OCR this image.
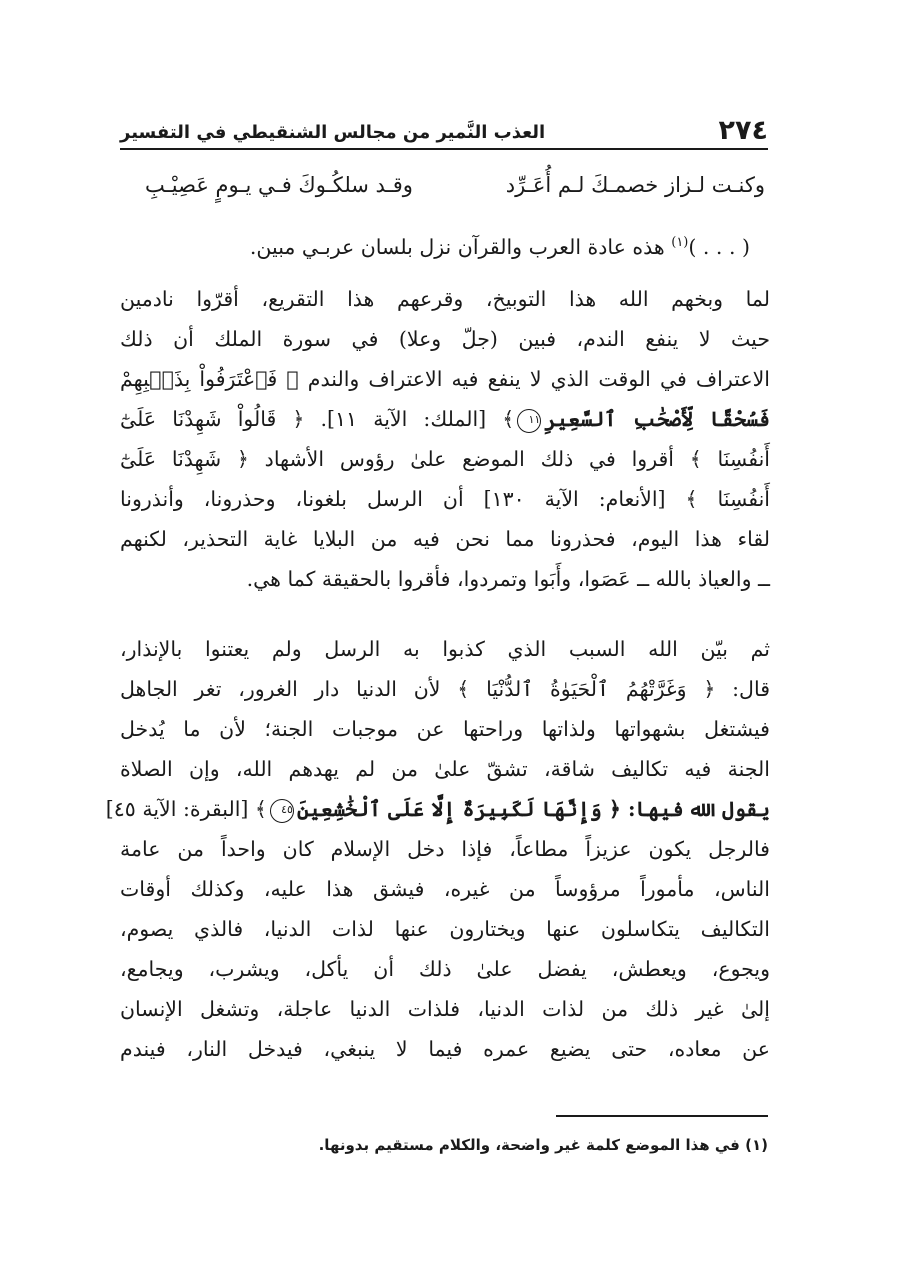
٢٧٤
العذب النَّمير من مجالس الشنقيطي في التفسير
وكنـت لـزاز خصمـكَ لـم أُعَـرِّد
وقـد سلكُـوكَ فـي يـومٍ عَصِيْـبِ
( . . . )$^{(١)}$ هذه عادة العرب والقرآن نزل بلسان عربـي مبين.
لما وبخهم الله هذا التوبيخ، وقرعهم هذا التقريع، أقرّوا نادمين
حيث لا ينفع الندم، فبين (جلّ وعلا) في سورة الملك أن ذلك
الاعتراف في الوقت الذي لا ينفع فيه الاعتراف والندم ﴿ فَٱعْتَرَفُواْ بِذَنۢبِهِمْ
فَسُحْقًا لِّأَصْحَٰبِ ٱلسَّعِيرِ١١﴾ [الملك: الآية ١١]. ﴿ قَالُواْ شَهِدْنَا عَلَىٰٓ
أَنفُسِنَا ﴾ أقروا في ذلك الموضع علىٰ رؤوس الأشهاد ﴿ شَهِدْنَا عَلَىٰٓ
أَنفُسِنَا ﴾ [الأنعام: الآية ١٣٠] أن الرسل بلغونا، وحذرونا، وأنذرونا
لقاء هذا اليوم، فحذرونا مما نحن فيه من البلايا غاية التحذير، لكنهم
ــ والعياذ بالله ــ عَصَوا، وأَبَوا وتمردوا، فأقروا بالحقيقة كما هي.
ثم بيّن الله السبب الذي كذبوا به الرسل ولم يعتنوا بالإنذار،
قال: ﴿ وَغَرَّتْهُمُ ٱلْحَيَوٰةُ ٱلدُّنْيَا ﴾ لأن الدنيا دار الغرور، تغر الجاهل
فيشتغل بشهواتها ولذاتها وراحتها عن موجبات الجنة؛ لأن ما يُدخل
الجنة فيه تكاليف شاقة، تشقّ علىٰ من لم يهدهم الله، وإن الصلاة
يقول الله فيها: ﴿ وَإِنَّهَا لَكَبِيرَةٌ إِلَّا عَلَى ٱلْخَٰشِعِينَ٤٥﴾ [البقرة: الآية ٤٥]
فالرجل يكون عزيزاً مطاعاً، فإذا دخل الإسلام كان واحداً من عامة
الناس، مأموراً مرؤوساً من غيره، فيشق هذا عليه، وكذلك أوقات
التكاليف يتكاسلون عنها ويختارون عنها لذات الدنيا، فالذي يصوم،
ويجوع، ويعطش، يفضل علىٰ ذلك أن يأكل، ويشرب، ويجامع،
إلىٰ غير ذلك من لذات الدنيا، فلذات الدنيا عاجلة، وتشغل الإنسان
عن معاده، حتى يضيع عمره فيما لا ينبغي، فيدخل النار، فيندم
(١) في هذا الموضع كلمة غير واضحة، والكلام مستقيم بدونها.
